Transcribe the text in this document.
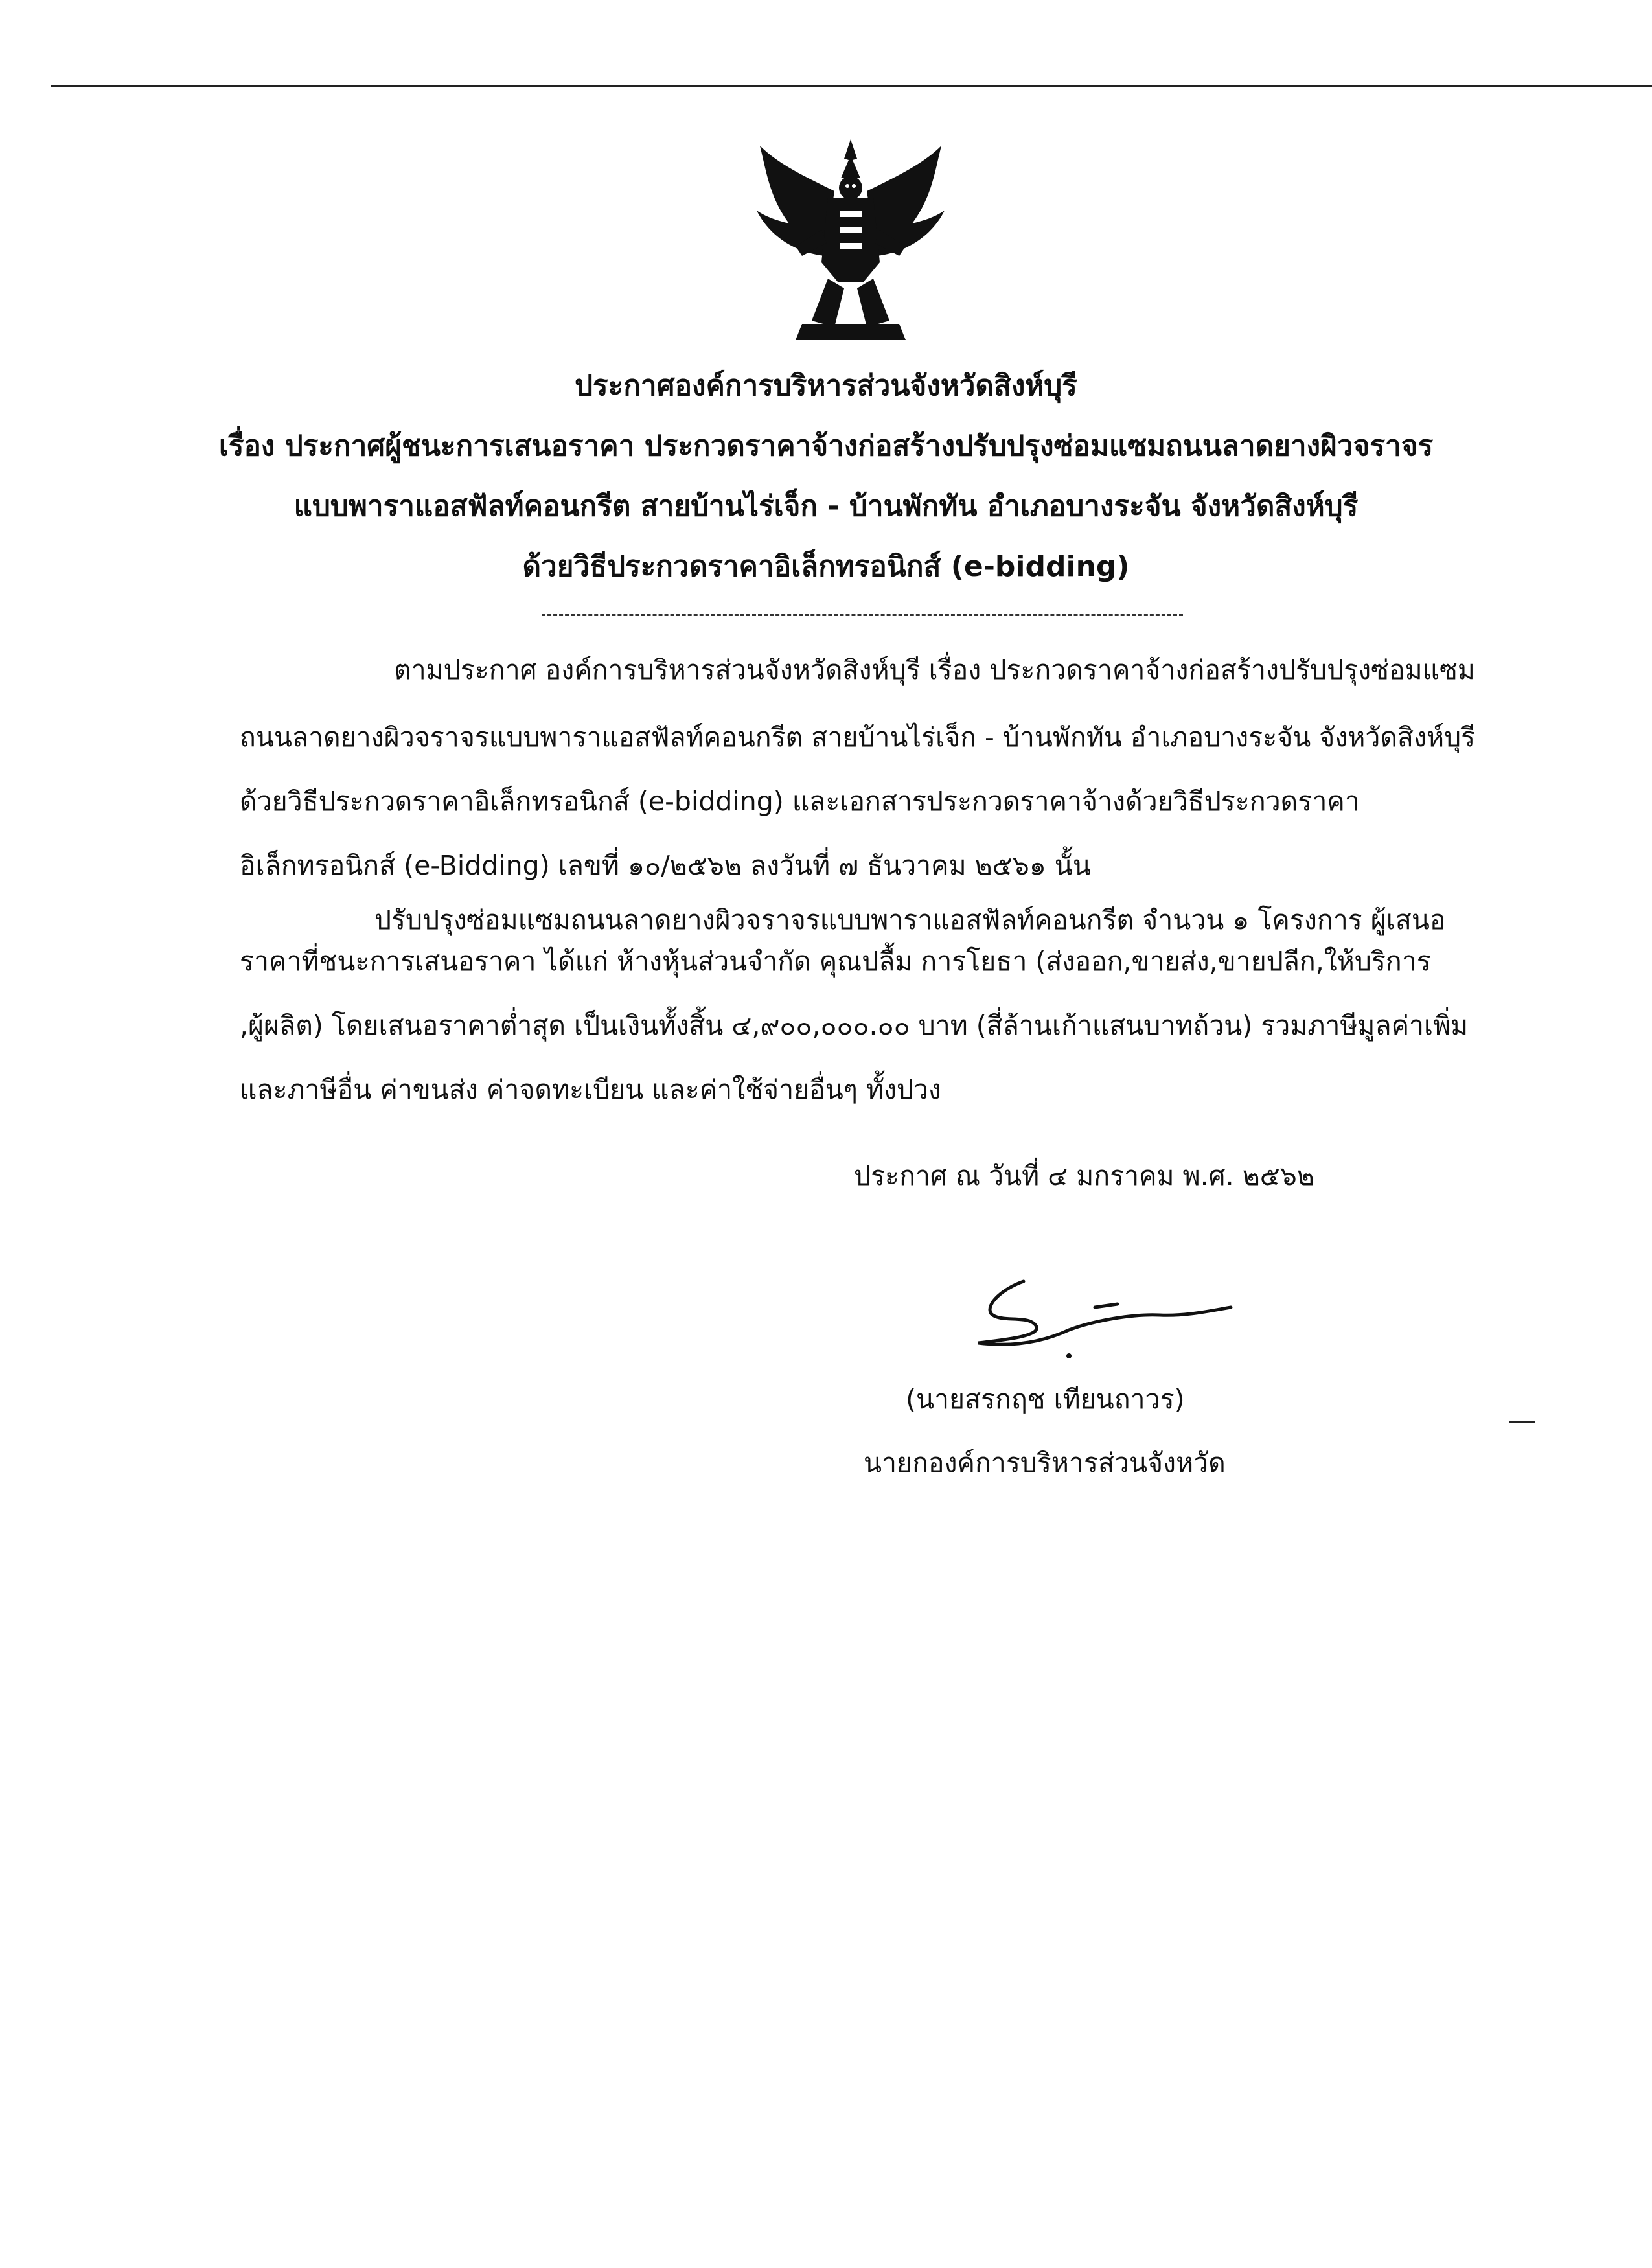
ประกาศองค์การบริหารส่วนจังหวัดสิงห์บุรี
เรื่อง ประกาศผู้ชนะการเสนอราคา ประกวดราคาจ้างก่อสร้างปรับปรุงซ่อมแซมถนนลาดยางผิวจราจร
แบบพาราแอสฟัลท์คอนกรีต สายบ้านไร่เจ็ก - บ้านพักทัน อำเภอบางระจัน จังหวัดสิงห์บุรี
ด้วยวิธีประกวดราคาอิเล็กทรอนิกส์ (e-bidding)
ตามประกาศ องค์การบริหารส่วนจังหวัดสิงห์บุรี เรื่อง ประกวดราคาจ้างก่อสร้างปรับปรุงซ่อมแซม
ถนนลาดยางผิวจราจรแบบพาราแอสฟัลท์คอนกรีต สายบ้านไร่เจ็ก - บ้านพักทัน อำเภอบางระจัน จังหวัดสิงห์บุรี
ด้วยวิธีประกวดราคาอิเล็กทรอนิกส์ (e-bidding) และเอกสารประกวดราคาจ้างด้วยวิธีประกวดราคา
อิเล็กทรอนิกส์ (e-Bidding) เลขที่ ๑๐/๒๕๖๒ ลงวันที่ ๗ ธันวาคม ๒๕๖๑ นั้น
ปรับปรุงซ่อมแซมถนนลาดยางผิวจราจรแบบพาราแอสฟัลท์คอนกรีต จำนวน ๑ โครงการ ผู้เสนอ
ราคาที่ชนะการเสนอราคา ได้แก่ ห้างหุ้นส่วนจำกัด คุณปลื้ม การโยธา (ส่งออก,ขายส่ง,ขายปลีก,ให้บริการ
,ผู้ผลิต) โดยเสนอราคาต่ำสุด เป็นเงินทั้งสิ้น ๔,๙๐๐,๐๐๐.๐๐ บาท (สี่ล้านเก้าแสนบาทถ้วน) รวมภาษีมูลค่าเพิ่ม
และภาษีอื่น ค่าขนส่ง ค่าจดทะเบียน และค่าใช้จ่ายอื่นๆ ทั้งปวง
ประกาศ ณ วันที่ ๔ มกราคม พ.ศ. ๒๕๖๒
(นายสรกฤช เทียนถาวร)
นายกองค์การบริหารส่วนจังหวัด
